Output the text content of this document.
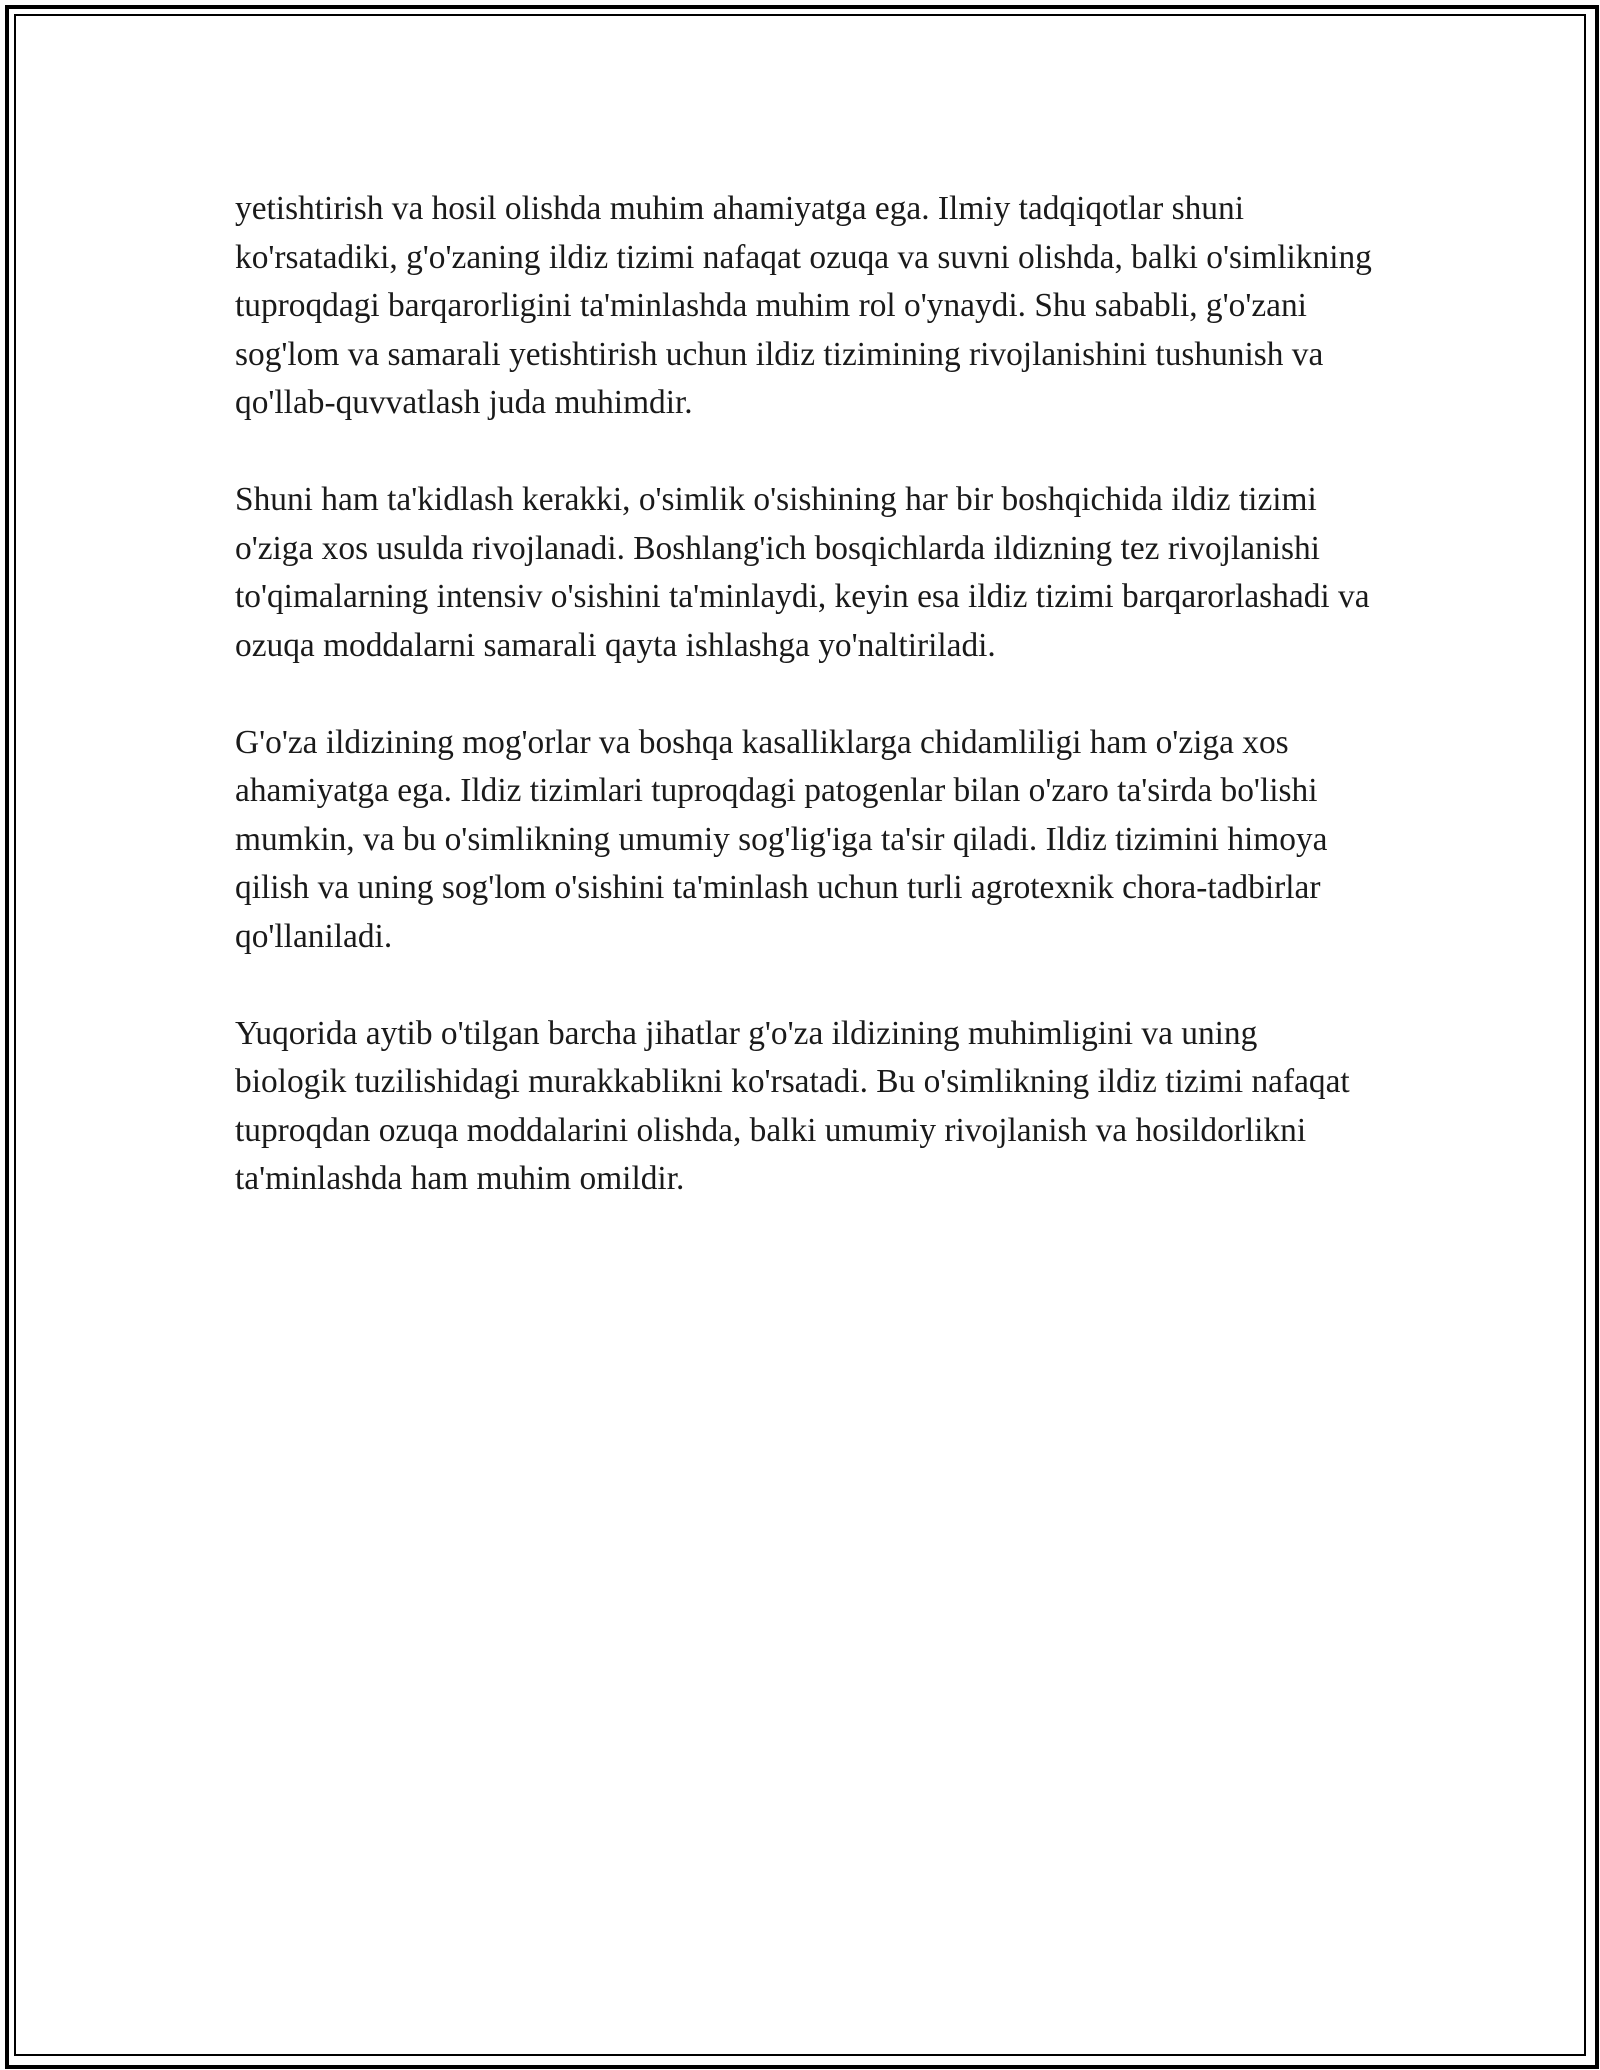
yetishtirish va hosil olishda muhim ahamiyatga ega. Ilmiy tadqiqotlar shuni ko'rsatadiki, g'o'zaning ildiz tizimi nafaqat ozuqa va suvni olishda, balki o'simlikning tuproqdagi barqarorligini ta'minlashda muhim rol o'ynaydi. Shu sababli, g'o'zani sog'lom va samarali yetishtirish uchun ildiz tizimining rivojlanishini tushunish va qo'llab-quvvatlash juda muhimdir.

Shuni ham ta'kidlash kerakki, o'simlik o'sishining har bir boshqichida ildiz tizimi o'ziga xos usulda rivojlanadi. Boshlang'ich bosqichlarda ildizning tez rivojlanishi to'qimalarning intensiv o'sishini ta'minlaydi, keyin esa ildiz tizimi barqarorlashadi va ozuqa moddalarni samarali qayta ishlashga yo'naltiriladi.

G'o'za ildizining mog'orlar va boshqa kasalliklarga chidamliligi ham o'ziga xos ahamiyatga ega. Ildiz tizimlari tuproqdagi patogenlar bilan o'zaro ta'sirda bo'lishi mumkin, va bu o'simlikning umumiy sog'lig'iga ta'sir qiladi. Ildiz tizimini himoya qilish va uning sog'lom o'sishini ta'minlash uchun turli agrotexnik chora-tadbirlar qo'llaniladi.

Yuqorida aytib o'tilgan barcha jihatlar g'o'za ildizining muhimligini va uning biologik tuzilishidagi murakkablikni ko'rsatadi. Bu o'simlikning ildiz tizimi nafaqat tuproqdan ozuqa moddalarini olishda, balki umumiy rivojlanish va hosildorlikni ta'minlashda ham muhim omildir.
